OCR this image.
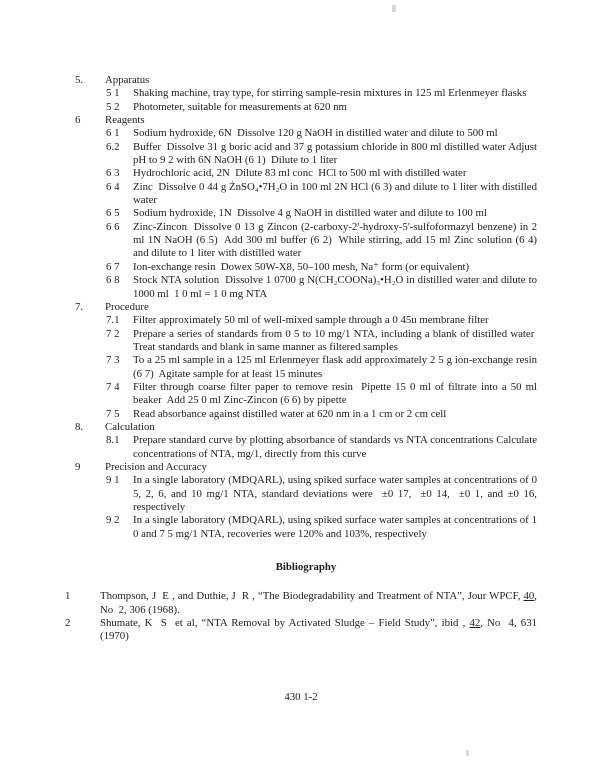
5.	Apparatus
5 1	Shaking machine, tray type, for stirring sample-resin mixtures in 125 ml Erlenmeyer flasks
5 2	Photometer, suitable for measurements at 620 nm
6	Reagents
6 1	Sodium hydroxide, 6N  Dissolve 120 g NaOH in distilled water and dilute to 500 ml
6.2	Buffer  Dissolve 31 g boric acid and 37 g potassium chloride in 800 ml distilled water Adjust pH to 9 2 with 6N NaOH (6 1)  Dilute to 1 liter
6 3	Hydrochloric acid, 2N  Dilute 83 ml conc  HCl to 500 ml with distilled water
6 4	Zinc  Dissolve 0 44 g ŻnSO₄•7H₂O in 100 ml 2N HCl (6 3) and dilute to 1 liter with distilled water
6 5	Sodium hydroxide, 1N  Dissolve 4 g NaOH in distilled water and dilute to 100 ml
6 6	Zinc-Zincon  Dissolve 0 13 g Zincon (2-carboxy-2'-hydroxy-5'-sulfoformazyl benzene) in 2 ml 1N NaOH (6 5)  Add 300 ml buffer (6 2)  While stirring, add 15 ml Zinc solution (6 4) and dilute to 1 liter with distilled water
6 7	Ion-exchange resin  Dowex 50W-X8, 50–100 mesh, Na⁺ form (or equivalent)
6 8	Stock NTA solution  Dissolve 1 0700 g N(CH₂COONa)₃•H₂O in distilled water and dilute to 1000 ml  1 0 ml = 1 0 mg NTA
7.	Procedure
7.1	Filter approximately 50 ml of well-mixed sample through a 0 45u membrane filter
7 2	Prepare a series of standards from 0 5 to 10 mg/1 NTA, including a blank of distilled water  Treat standards and blank in same manner as filtered samples
7 3	To a 25 ml sample in a 125 ml Erlenmeyer flask add approximately 2 5 g ion-exchange resin (6 7)  Agitate sample for at least 15 minutes
7 4	Filter through coarse filter paper to remove resin  Pipette 15 0 ml of filtrate into a 50 ml beaker  Add 25 0 ml Zinc-Zincon (6 6) by pipette
7 5	Read absorbance against distilled water at 620 nm in a 1 cm or 2 cm cell
8.	Calculation
8.1	Prepare standard curve by plotting absorbance of standards vs NTA concentrations Calculate concentrations of NTA, mg/1, directly from this curve
9	Precision and Accuracy
9 1	In a single laboratory (MDQARL), using spiked surface water samples at concentrations of 0 5, 2, 6, and 10 mg/1 NTA, standard deviations were  ±0 17,  ±0 14,  ±0 1, and ±0 16, respectively
9 2	In a single laboratory (MDQARL), using spiked surface water samples at concentrations of 1 0 and 7 5 mg/1 NTA, recoveries were 120% and 103%, respectively
Bibliography
1	Thompson, J  E , and Duthie, J  R , “The Biodegradability and Treatment of NTA”, Jour WPCF, 40, No  2, 306 (1968).
2	Shumate, K  S  et al, “NTA Removal by Activated Sludge – Field Study”, ibid , 42, No  4, 631 (1970)
430 1-2
